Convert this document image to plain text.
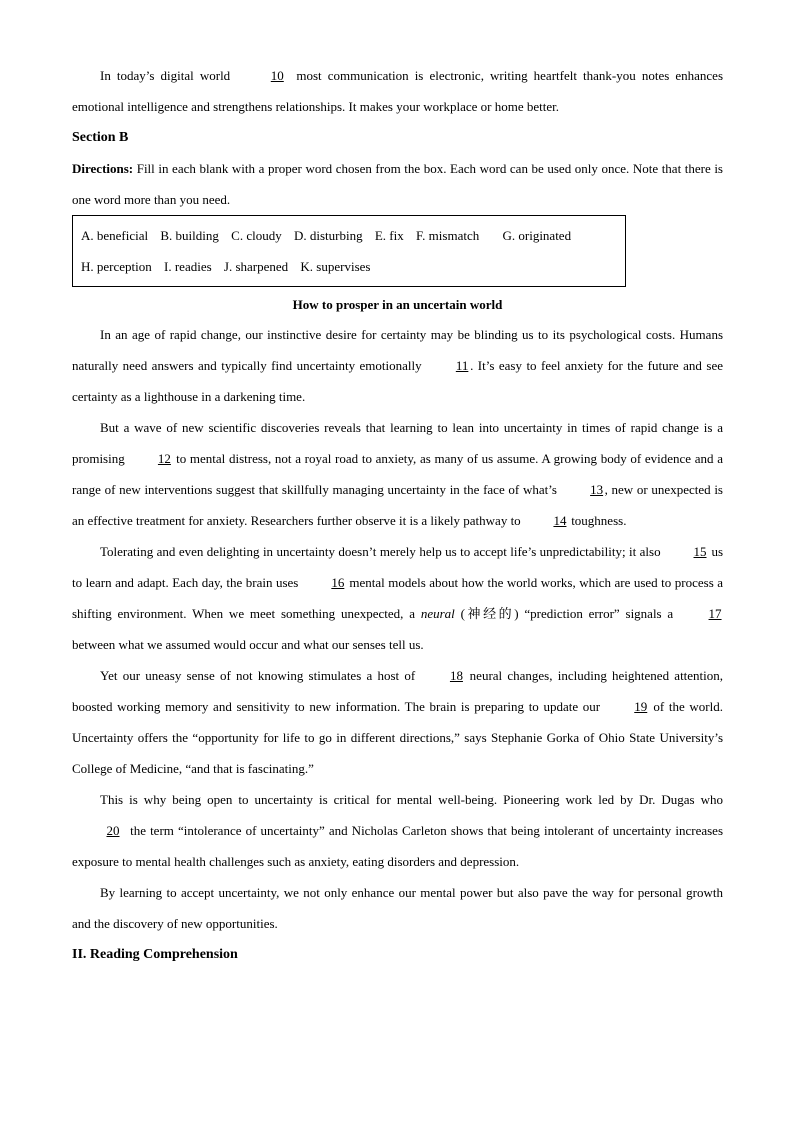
In today’s digital world	10 most communication is electronic, writing heartfelt thank-you notes enhances emotional intelligence and strengthens relationships. It makes your workplace or home better.

Section B

Directions: Fill in each blank with a proper word chosen from the box. Each word can be used only once. Note that there is one word more than you need.

A. beneficial B. building C. cloudy D. disturbing E. fix F. mismatch G. originated
H. perception I. readies J. sharpened K. supervises
How to prosper in an uncertain world

In an age of rapid change, our instinctive desire for certainty may be blinding us to its psychological costs. Humans naturally need answers and typically find uncertainty emotionally	11 . It’s easy to feel anxiety for the future and see certainty as a lighthouse in a darkening time.

But a wave of new scientific discoveries reveals that learning to lean into uncertainty in times of rapid change is a promising	12 to mental distress, not a royal road to anxiety, as many of us assume. A growing body of evidence and a range of new interventions suggest that skillfully managing uncertainty in the face of what’s	13 , new or unexpected is an effective treatment for anxiety. Researchers further observe it is a likely pathway to	14 toughness.

Tolerating and even delighting in uncertainty doesn’t merely help us to accept life’s unpredictability; it also	15 us to learn and adapt. Each day, the brain uses	16 mental models about how the world works, which are used to process a shifting environment. When we meet something unexpected, a neural (神经的) “prediction error” signals a	17 between what we assumed would occur and what our senses tell us.

Yet our uneasy sense of not knowing stimulates a host of	18 neural changes, including heightened attention, boosted working memory and sensitivity to new information. The brain is preparing to update our	19 of the world. Uncertainty offers the “opportunity for life to go in different directions,” says Stephanie Gorka of Ohio State University’s College of Medicine, “and that is fascinating.”

This is why being open to uncertainty is critical for mental well-being. Pioneering work led by Dr. Dugas who 20 the term “intolerance of uncertainty” and Nicholas Carleton shows that being intolerant of uncertainty increases exposure to mental health challenges such as anxiety, eating disorders and depression.

By learning to accept uncertainty, we not only enhance our mental power but also pave the way for personal growth and the discovery of new opportunities.

II. Reading Comprehension
